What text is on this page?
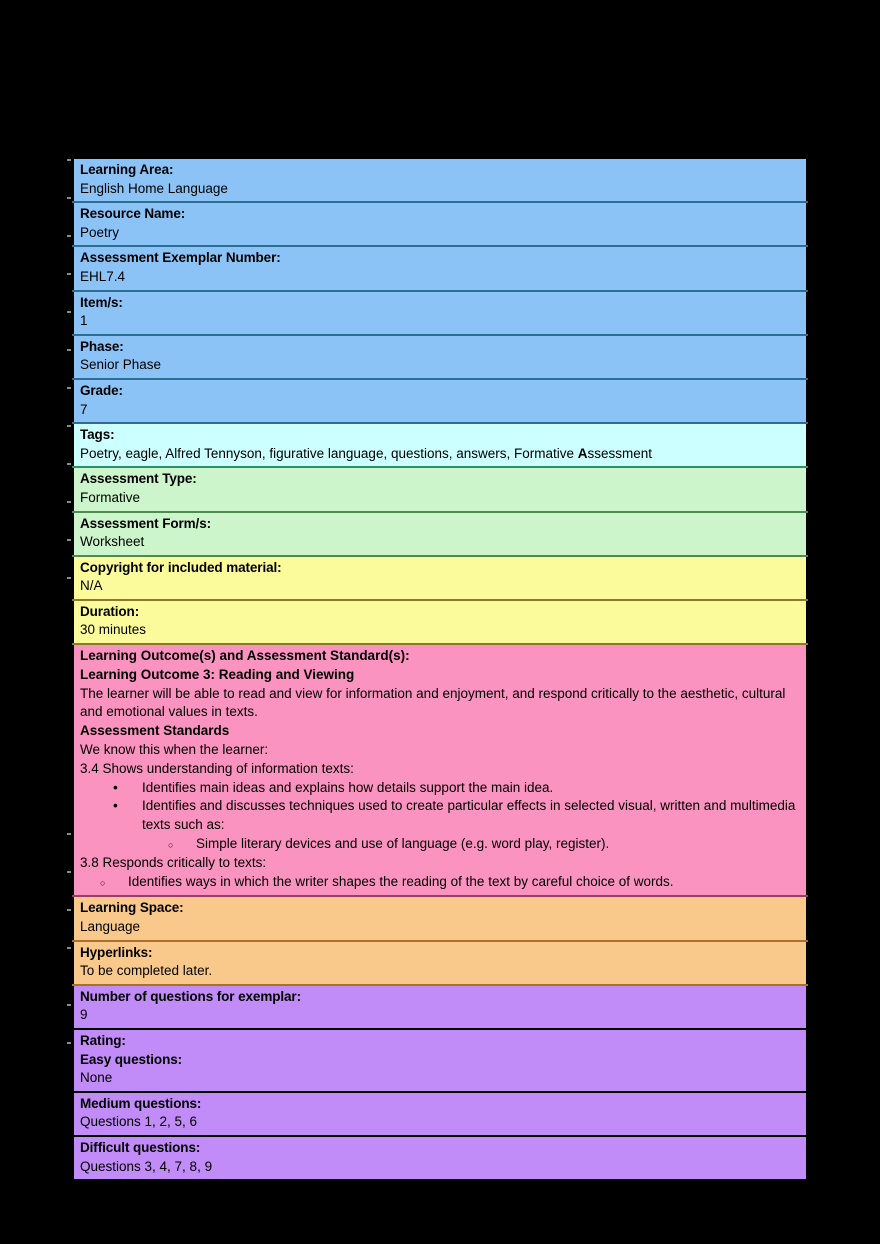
Learning Area:
English Home Language

Resource Name:
Poetry

Assessment Exemplar Number:
EHL7.4

Item/s:
1

Phase:
Senior Phase

Grade:
7

Tags:
Poetry, eagle, Alfred Tennyson, figurative language, questions, answers, Formative Assessment

Assessment Type:
Formative

Assessment Form/s:
Worksheet

Copyright for included material:
N/A

Duration:
30 minutes

Learning Outcome(s) and Assessment Standard(s):
Learning Outcome 3: Reading and Viewing
The learner will be able to read and view for information and enjoyment, and respond critically to the aesthetic, cultural and emotional values in texts.
Assessment Standards
We know this when the learner:
3.4 Shows understanding of information texts:
• Identifies main ideas and explains how details support the main idea.
• Identifies and discusses techniques used to create particular effects in selected visual, written and multimedia texts such as:
○ Simple literary devices and use of language (e.g. word play, register).
3.8 Responds critically to texts:
○ Identifies ways in which the writer shapes the reading of the text by careful choice of words.

Learning Space:
Language

Hyperlinks:
To be completed later.

Number of questions for exemplar:
9

Rating:
Easy questions:
None

Medium questions:
Questions 1, 2, 5, 6

Difficult questions:
Questions 3, 4, 7, 8, 9
